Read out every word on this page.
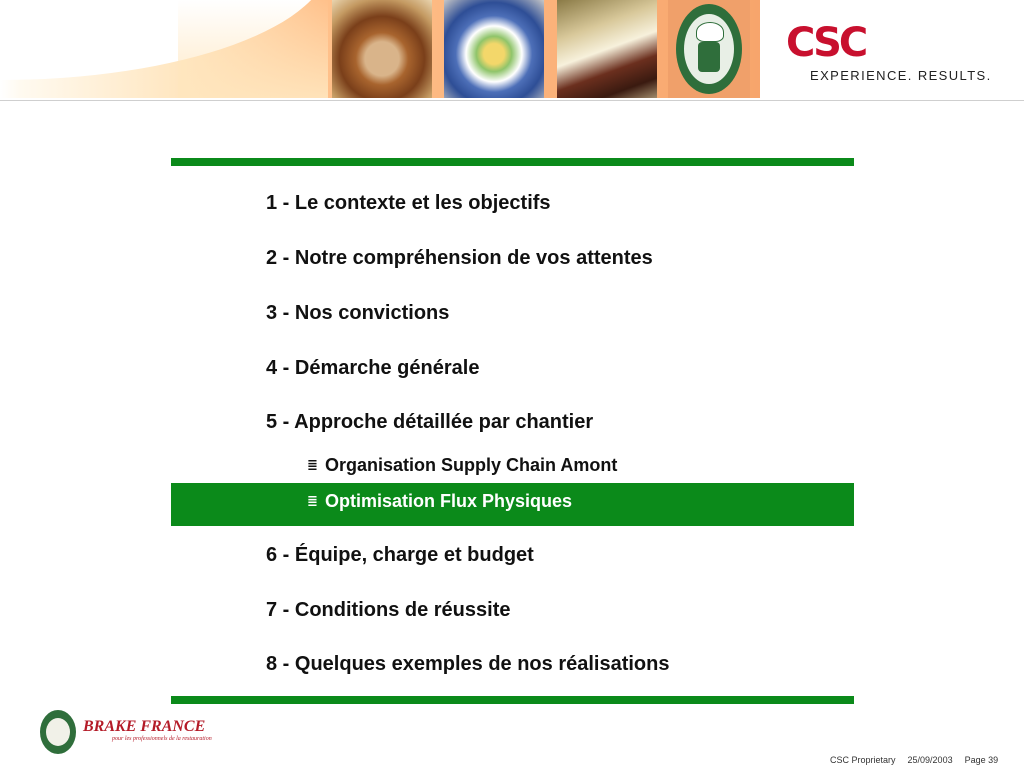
CSC
EXPERIENCE. RESULTS.
1 - Le contexte et les objectifs
2 - Notre compréhension de vos attentes
3 - Nos convictions
4 - Démarche générale
5 - Approche détaillée par chantier
≣ Organisation Supply Chain Amont
≣ Optimisation Flux Physiques
6 - Équipe, charge et budget
7 - Conditions de réussite
8 - Quelques exemples de nos réalisations
BRAKE FRANCE
pour les professionnels de la restauration
CSC Proprietary 25/09/2003 Page 39
